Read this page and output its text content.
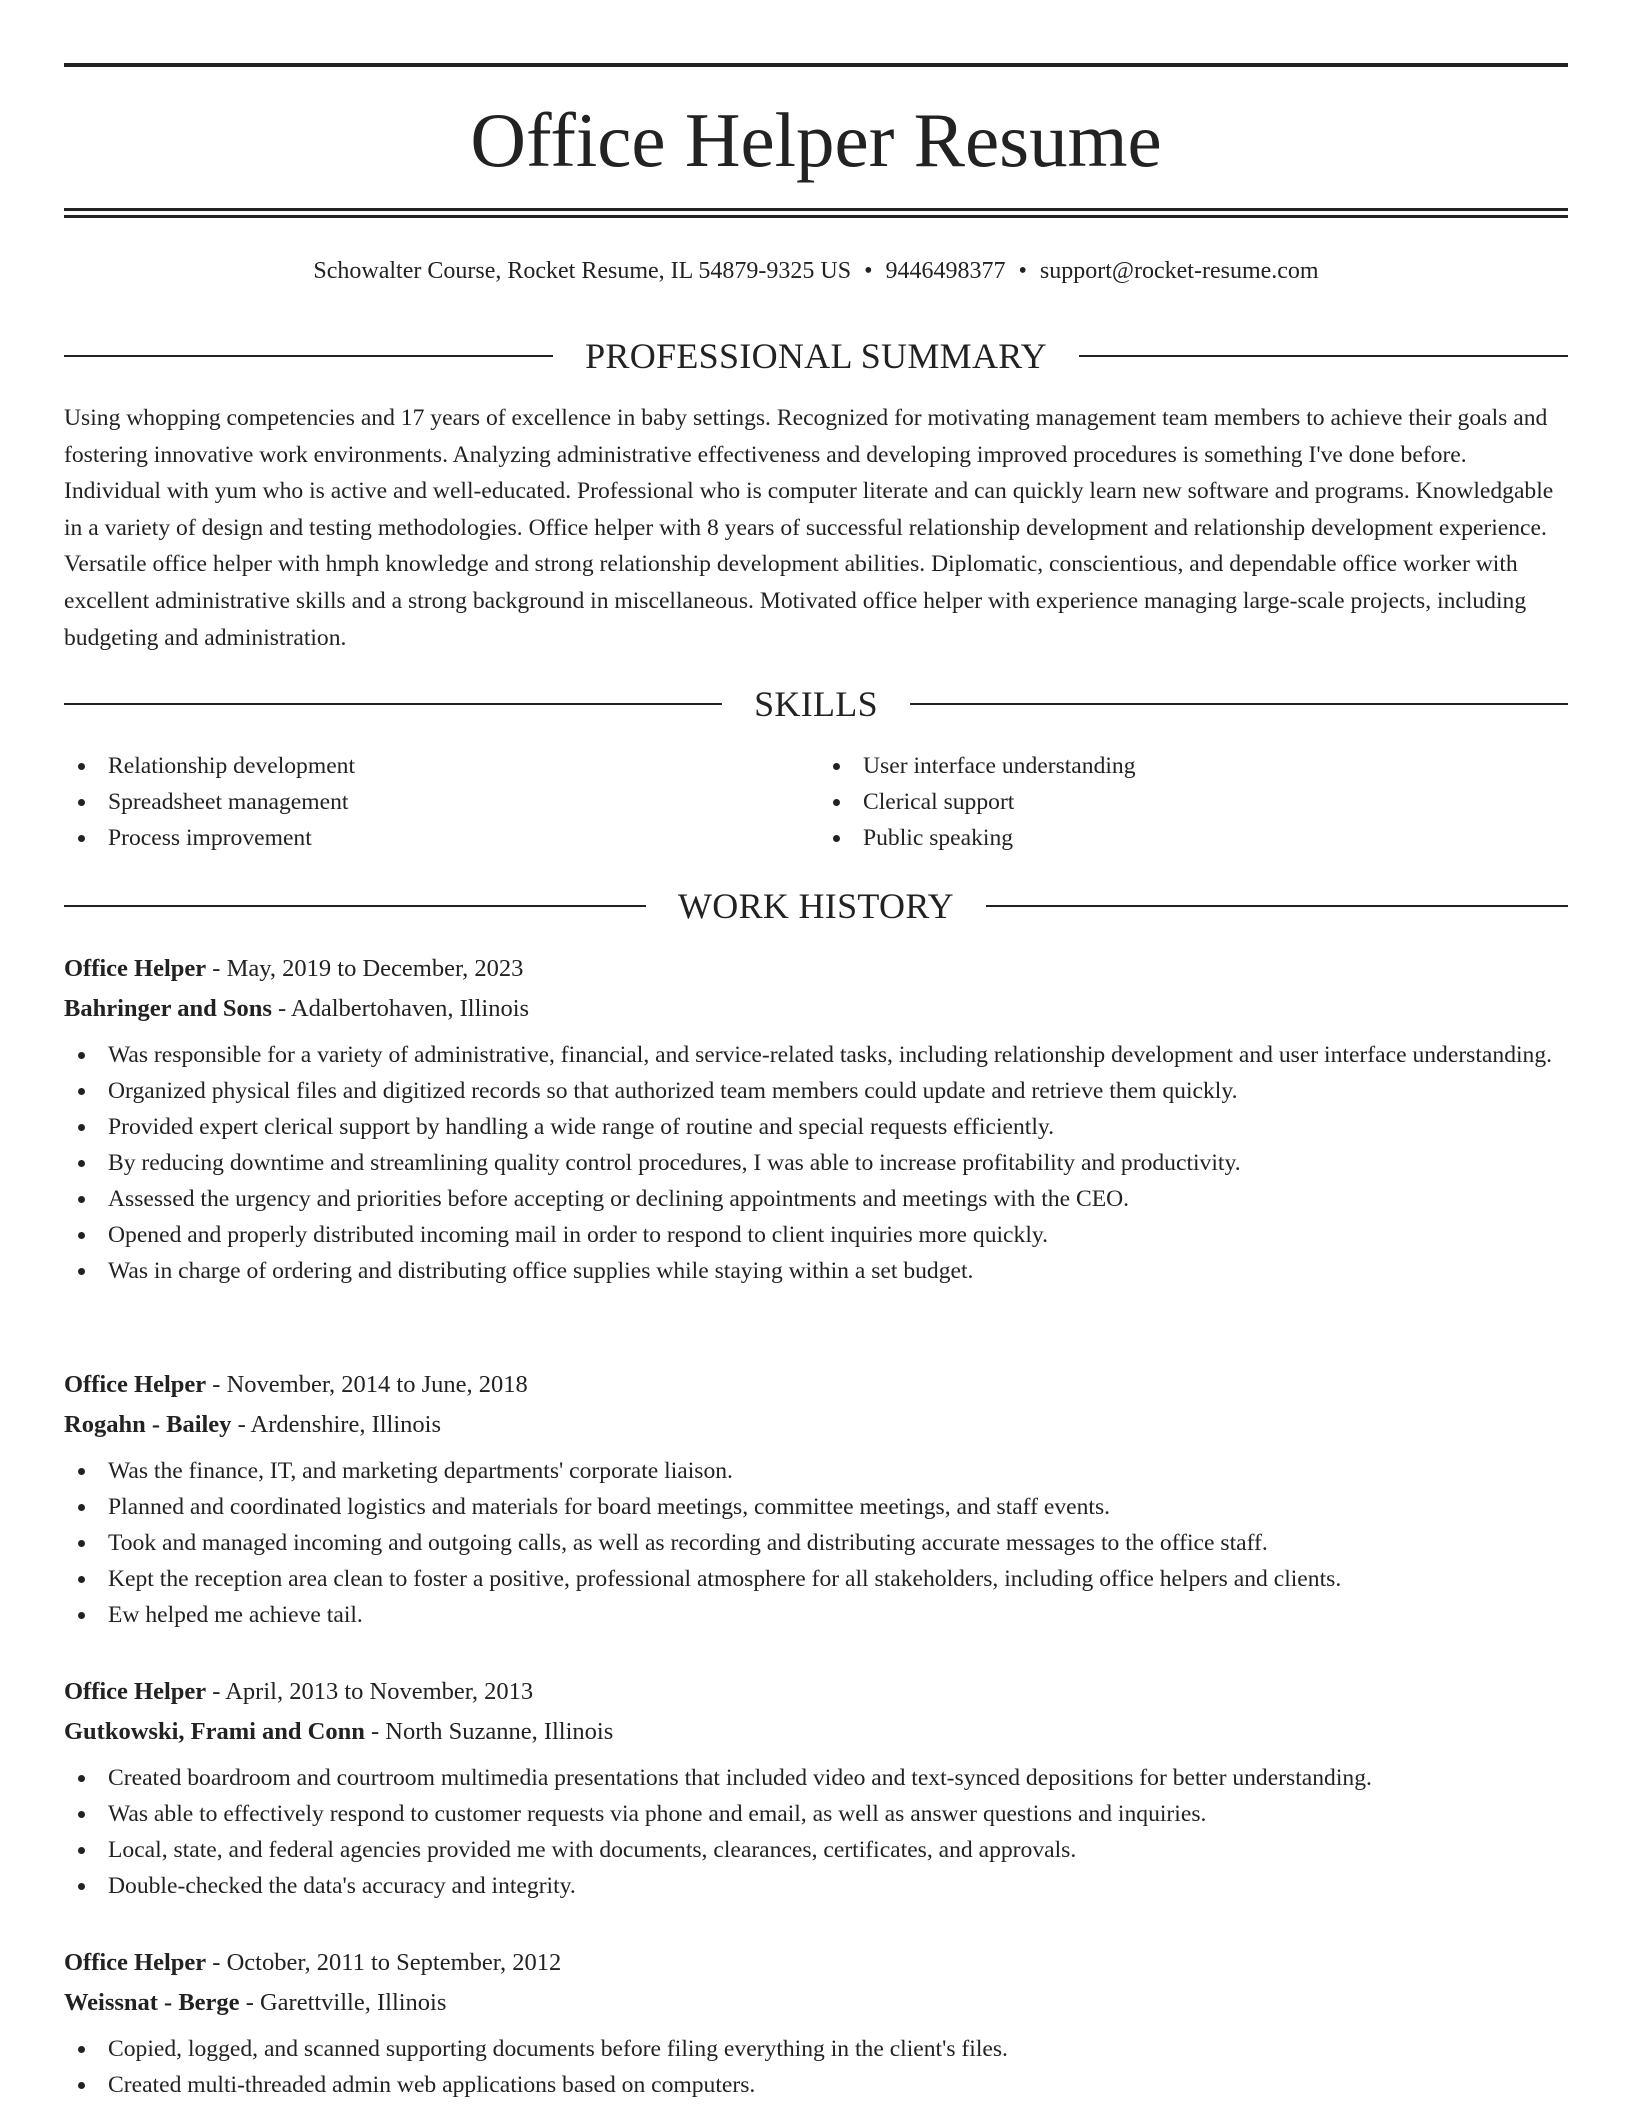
Office Helper Resume
Schowalter Course, Rocket Resume, IL 54879-9325 US • 9446498377 • support@rocket-resume.com
PROFESSIONAL SUMMARY

Using whopping competencies and 17 years of excellence in baby settings. Recognized for motivating management team members to achieve their goals and fostering innovative work environments. Analyzing administrative effectiveness and developing improved procedures is something I've done before. Individual with yum who is active and well-educated. Professional who is computer literate and can quickly learn new software and programs. Knowledgable in a variety of design and testing methodologies. Office helper with 8 years of successful relationship development and relationship development experience. Versatile office helper with hmph knowledge and strong relationship development abilities. Diplomatic, conscientious, and dependable office worker with excellent administrative skills and a strong background in miscellaneous. Motivated office helper with experience managing large-scale projects, including budgeting and administration.

SKILLS
Relationship development
Spreadsheet management
Process improvement
User interface understanding
Clerical support
Public speaking
WORK HISTORY
Office Helper - May, 2019 to December, 2023
Bahringer and Sons - Adalbertohaven, Illinois
Was responsible for a variety of administrative, financial, and service-related tasks, including relationship development and user interface understanding.
Organized physical files and digitized records so that authorized team members could update and retrieve them quickly.
Provided expert clerical support by handling a wide range of routine and special requests efficiently.
By reducing downtime and streamlining quality control procedures, I was able to increase profitability and productivity.
Assessed the urgency and priorities before accepting or declining appointments and meetings with the CEO.
Opened and properly distributed incoming mail in order to respond to client inquiries more quickly.
Was in charge of ordering and distributing office supplies while staying within a set budget.
Office Helper - November, 2014 to June, 2018
Rogahn - Bailey - Ardenshire, Illinois
Was the finance, IT, and marketing departments' corporate liaison.
Planned and coordinated logistics and materials for board meetings, committee meetings, and staff events.
Took and managed incoming and outgoing calls, as well as recording and distributing accurate messages to the office staff.
Kept the reception area clean to foster a positive, professional atmosphere for all stakeholders, including office helpers and clients.
Ew helped me achieve tail.
Office Helper - April, 2013 to November, 2013
Gutkowski, Frami and Conn - North Suzanne, Illinois
Created boardroom and courtroom multimedia presentations that included video and text-synced depositions for better understanding.
Was able to effectively respond to customer requests via phone and email, as well as answer questions and inquiries.
Local, state, and federal agencies provided me with documents, clearances, certificates, and approvals.
Double-checked the data's accuracy and integrity.
Office Helper - October, 2011 to September, 2012
Weissnat - Berge - Garettville, Illinois
Copied, logged, and scanned supporting documents before filing everything in the client's files.
Created multi-threaded admin web applications based on computers.
